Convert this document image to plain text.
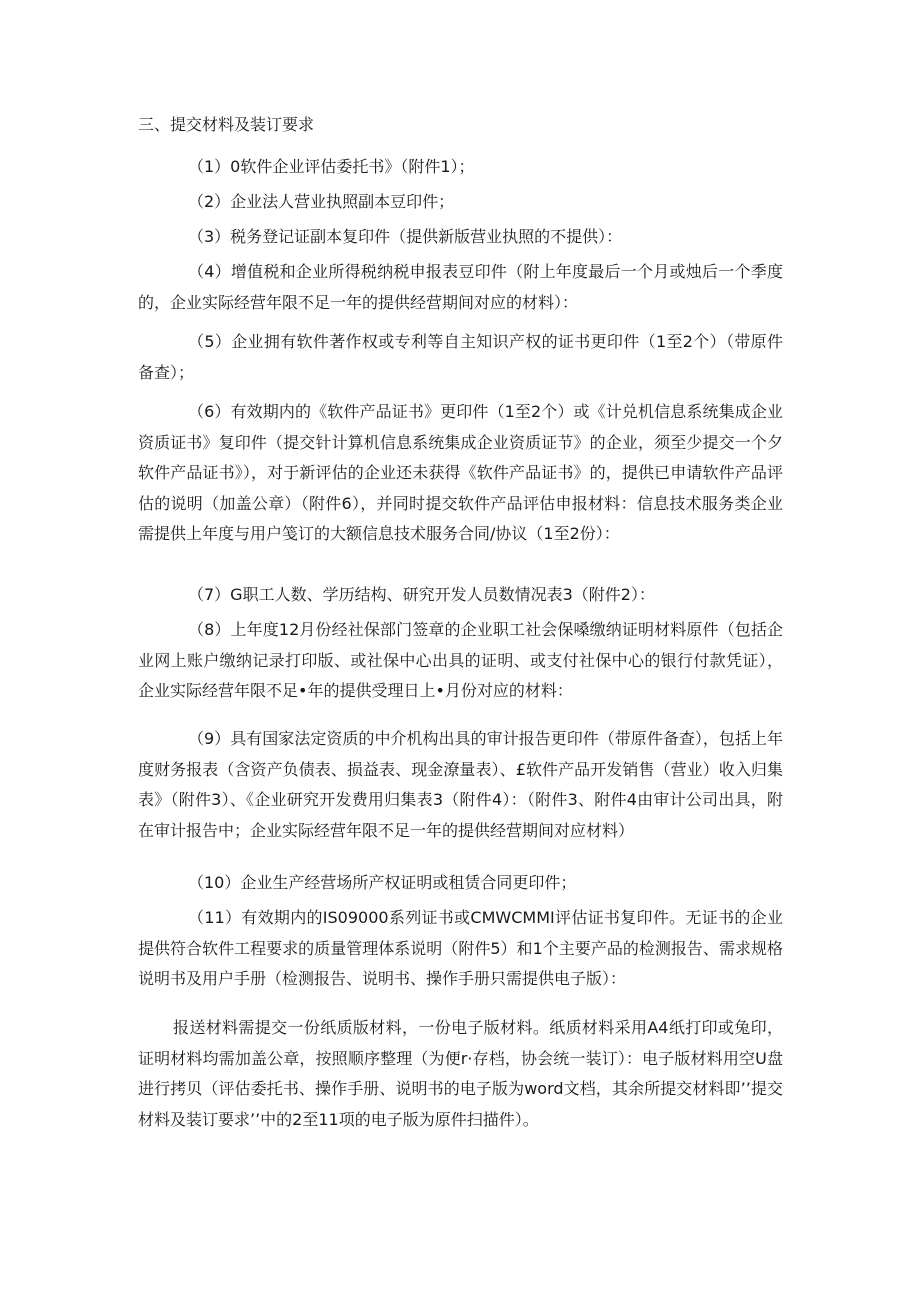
三、提交材料及装订要求

（1）0软件企业评估委托书》（附件1）；

（2）企业法人营业执照副本豆印件；

（3）税务登记证副本复印件（提供新版营业执照的不提供）：

（4）增值税和企业所得税纳税申报表豆印件（附上年度最后一个月或烛后一个季度的，企业实际经营年限不足一年的提供经营期间对应的材料）：

（5）企业拥有软件著作权或专利等自主知识产权的证书更印件（1至2个）（带原件备查）；

（6）有效期内的《软件产品证书》更印件（1至2个）或《计兑机信息系统集成企业资质证书》复印件（提交针计算机信息系统集成企业资质证节》的企业，须至少提交一个夕软件产品证书》），对于新评估的企业还未获得《软件产品证书》的，提供已申请软件产品评估的说明（加盖公章）（附件6），并同时提交软件产品评估申报材料：信息技术服务类企业需提供上年度与用户笺订的大额信息技术服务合同/协议（1至2份）：

（7）G职工人数、学历结构、研究开发人员数情况表3（附件2）：

（8）上年度12月份经社保部门签章的企业职工社会保嗓缴纳证明材料原件（包括企业网上账户缴纳记录打印版、或社保中心出具的证明、或支付社保中心的银行付款凭证），企业实际经营年限不足•年的提供受理日上•月份对应的材料：

（9）具有国家法定资质的中介机构出具的审计报告更印件（带原件备查），包括上年度财务报表（含资产负债表、损益表、现金潦量表）、£软件产品开发销售（营业）收入归集表》（附件3）、《企业研究开发费用归集表3（附件4）：（附件3、附件4由审计公司出具，附在审计报告中；企业实际经营年限不足一年的提供经营期间对应材料）

（10）企业生产经营场所产权证明或租赁合同更印件；

（11）有效期内的IS09000系列证书或CMWCMMI评估证书复印件。无证书的企业提供符合软件工程要求的质量管理体系说明（附件5）和1个主要产品的检测报告、需求规格说明书及用户手册（检测报告、说明书、操作手册只需提供电子版）：

报送材料需提交一份纸质版材料，一份电子版材料。纸质材料采用A4纸打印或兔印，证明材料均需加盖公章，按照顺序整理（为便r·存档，协会统一装订）：电子版材料用空U盘进行拷贝（评估委托书、操作手册、说明书的电子版为word文档，其余所提交材料即’’提交材料及装订要求’’中的2至11项的电子版为原件扫描件）。
